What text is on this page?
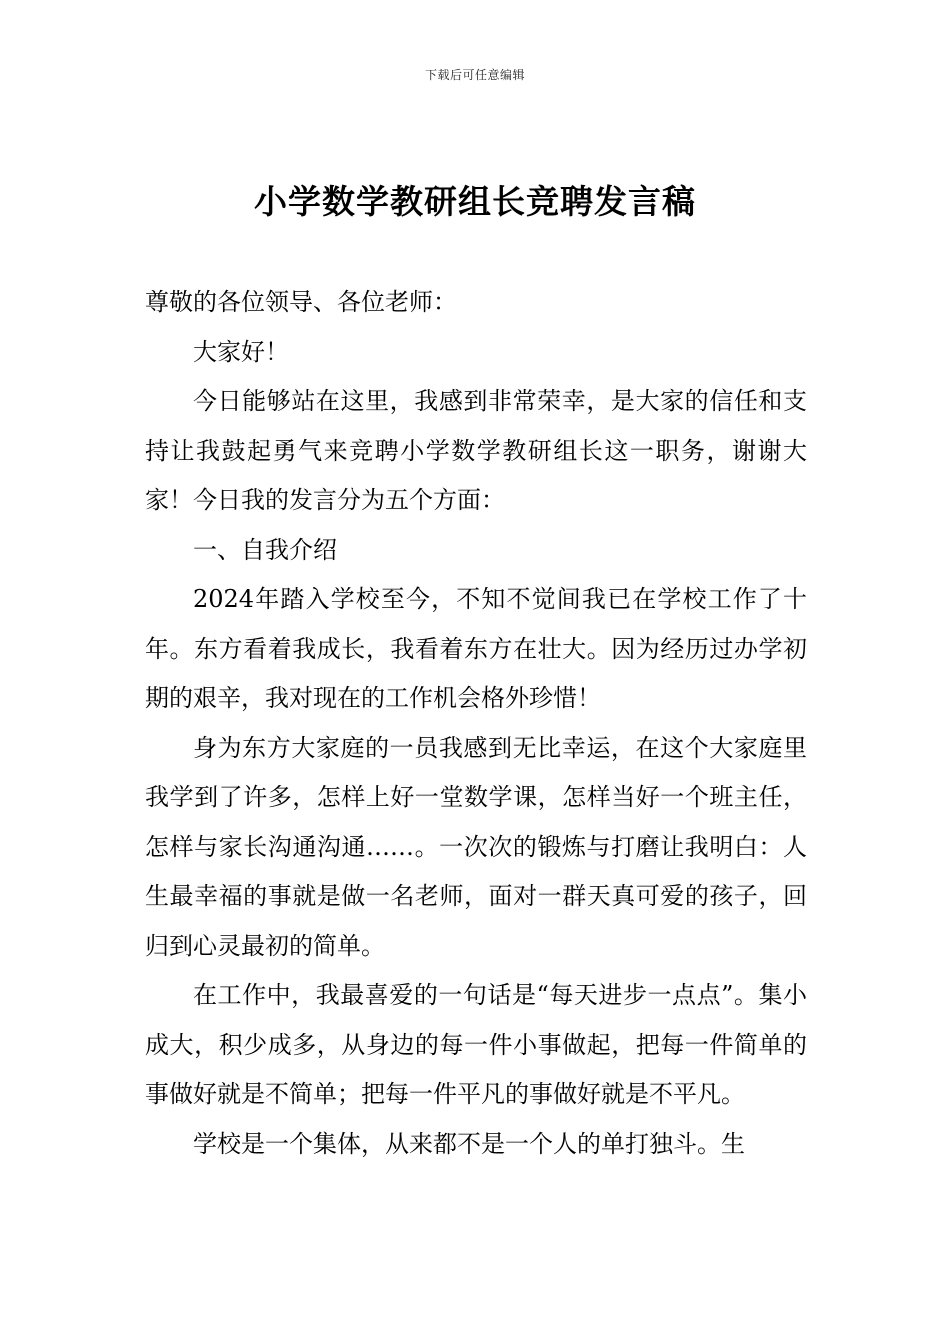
下载后可任意编辑
小学数学教研组长竞聘发言稿

尊敬的各位领导、各位老师：

大家好！

今日能够站在这里，我感到非常荣幸，是大家的信任和支持让我鼓起勇气来竞聘小学数学教研组长这一职务，谢谢大家！今日我的发言分为五个方面：

一、自我介绍

2024年踏入学校至今，不知不觉间我已在学校工作了十年。东方看着我成长，我看着东方在壮大。因为经历过办学初期的艰辛，我对现在的工作机会格外珍惜！

身为东方大家庭的一员我感到无比幸运，在这个大家庭里我学到了许多，怎样上好一堂数学课，怎样当好一个班主任，怎样与家长沟通沟通……。一次次的锻炼与打磨让我明白：人生最幸福的事就是做一名老师，面对一群天真可爱的孩子，回归到心灵最初的简单。

在工作中，我最喜爱的一句话是“每天进步一点点”。集小成大，积少成多，从身边的每一件小事做起，把每一件简单的事做好就是不简单；把每一件平凡的事做好就是不平凡。

学校是一个集体，从来都不是一个人的单打独斗。生
